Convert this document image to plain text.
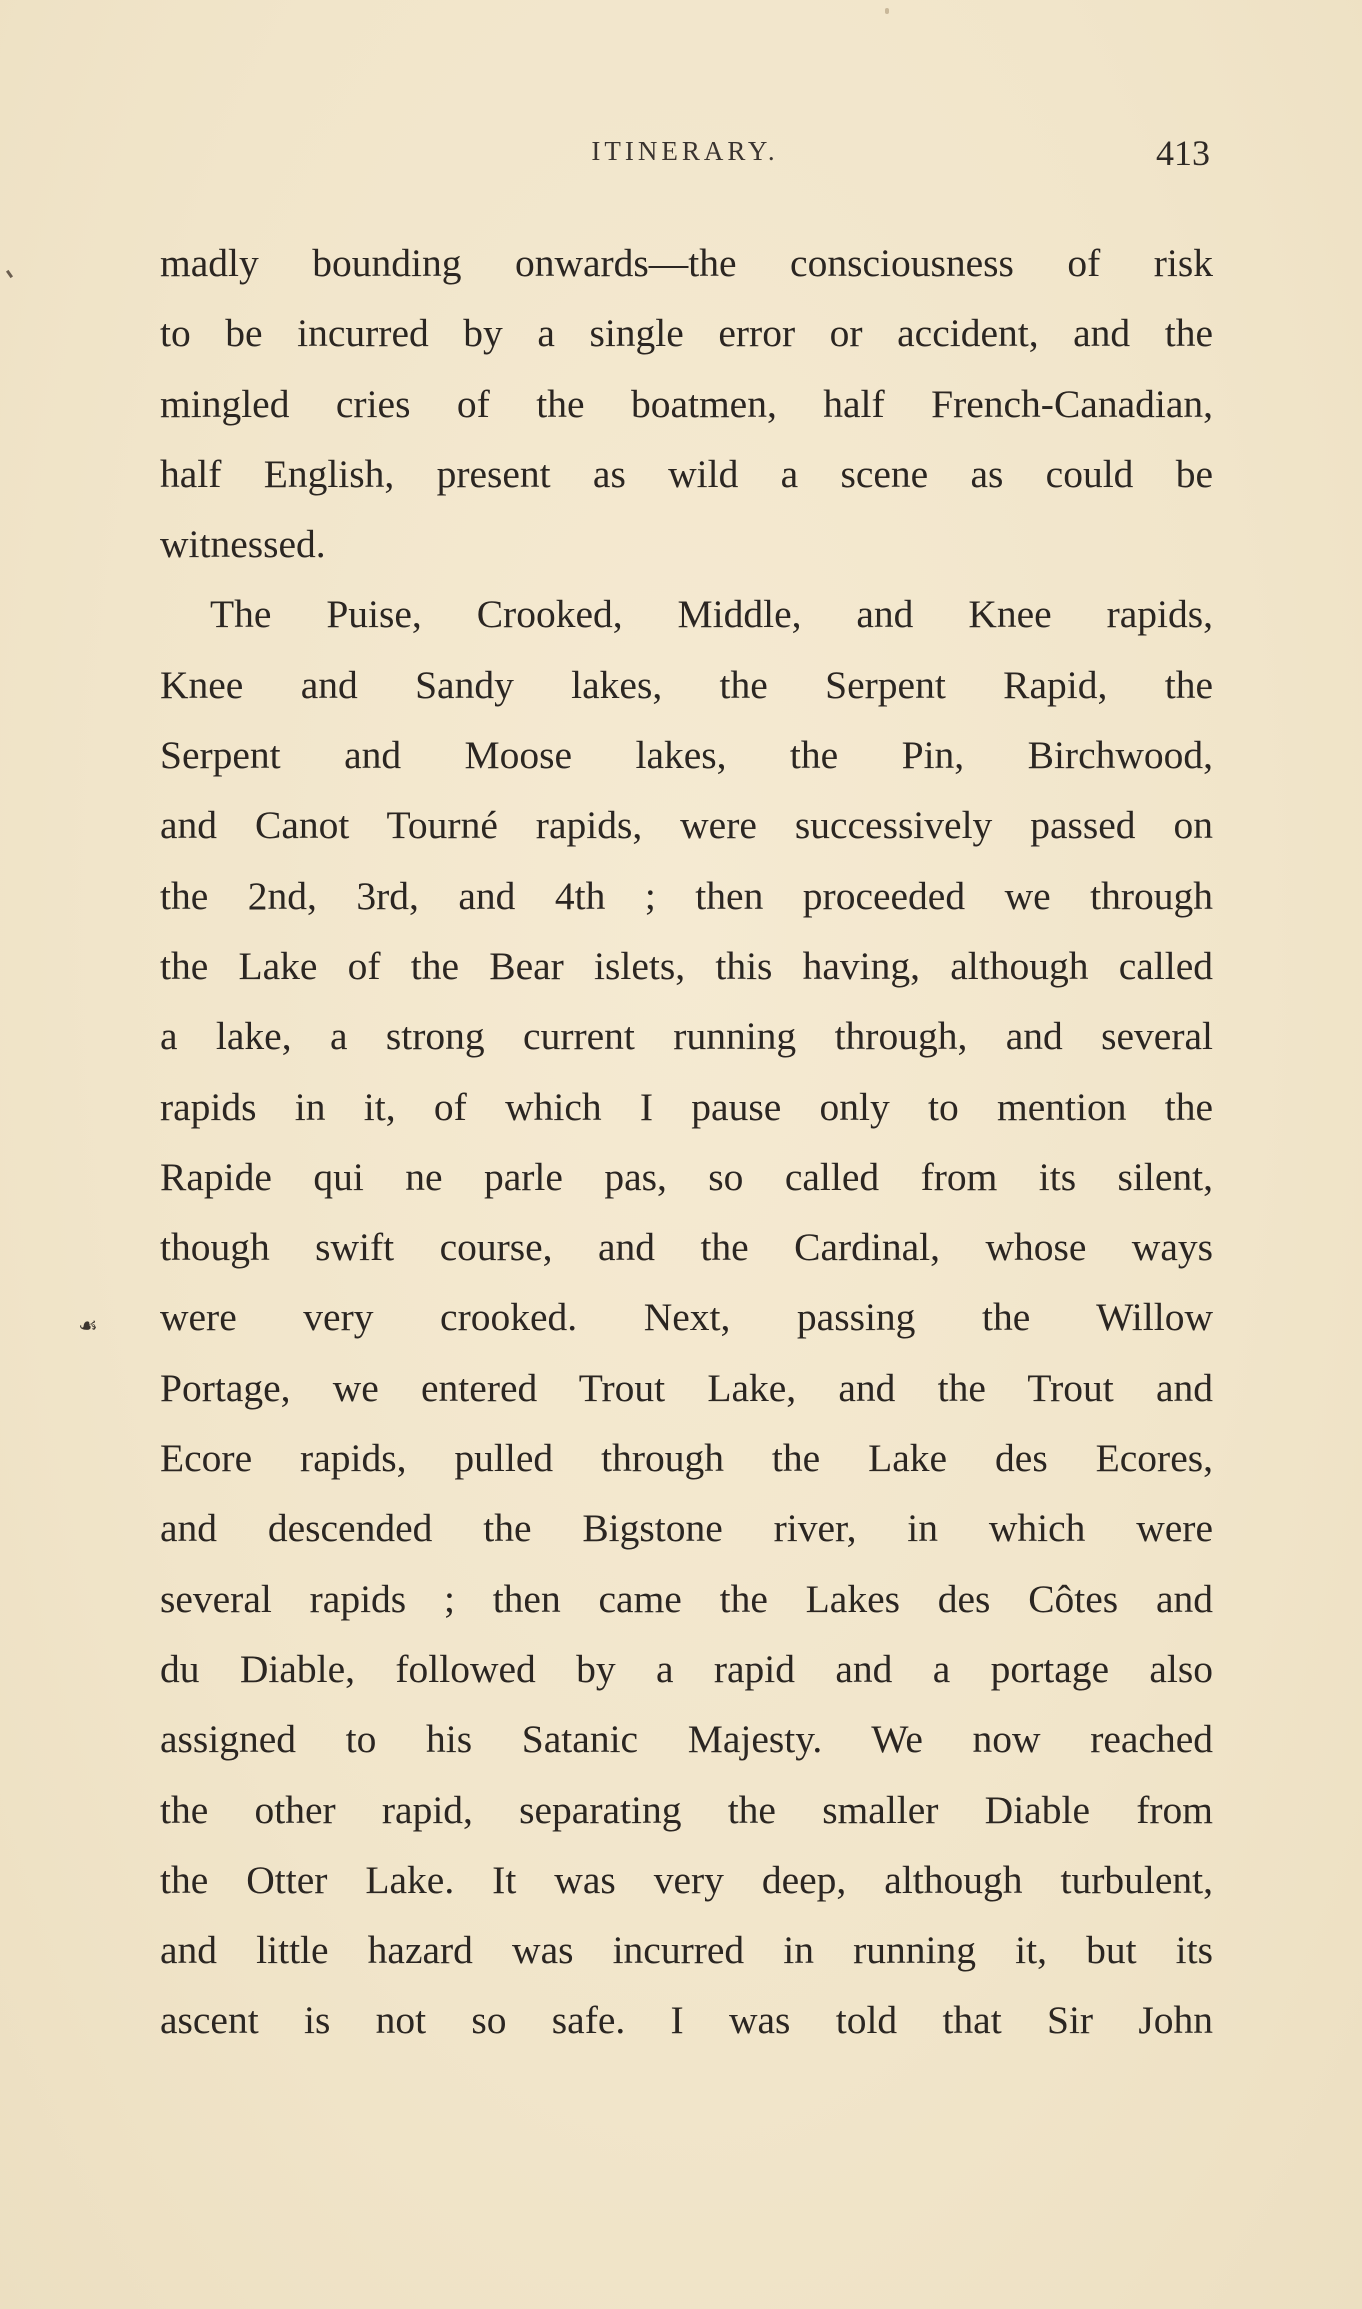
ITINERARY.	413
madly bounding onwards—the consciousness of risk
to be incurred by a single error or accident, and the
mingled cries of the boatmen, half French-Canadian,
half English, present as wild a scene as could be
witnessed.
The Puise, Crooked, Middle, and Knee rapids,
Knee and Sandy lakes, the Serpent Rapid, the
Serpent and Moose lakes, the Pin, Birchwood,
and Canot Tourné rapids, were successively passed on
the 2nd, 3rd, and 4th ; then proceeded we through
the Lake of the Bear islets, this having, although called
a lake, a strong current running through, and several
rapids in it, of which I pause only to mention the
Rapide qui ne parle pas, so called from its silent,
though swift course, and the Cardinal, whose ways
were very crooked. Next, passing the Willow
Portage, we entered Trout Lake, and the Trout and
Ecore rapids, pulled through the Lake des Ecores,
and descended the Bigstone river, in which were
several rapids ; then came the Lakes des Côtes and
du Diable, followed by a rapid and a portage also
assigned to his Satanic Majesty. We now reached
the other rapid, separating the smaller Diable from
the Otter Lake. It was very deep, although turbulent,
and little hazard was incurred in running it, but its
ascent is not so safe. I was told that Sir John
☙
